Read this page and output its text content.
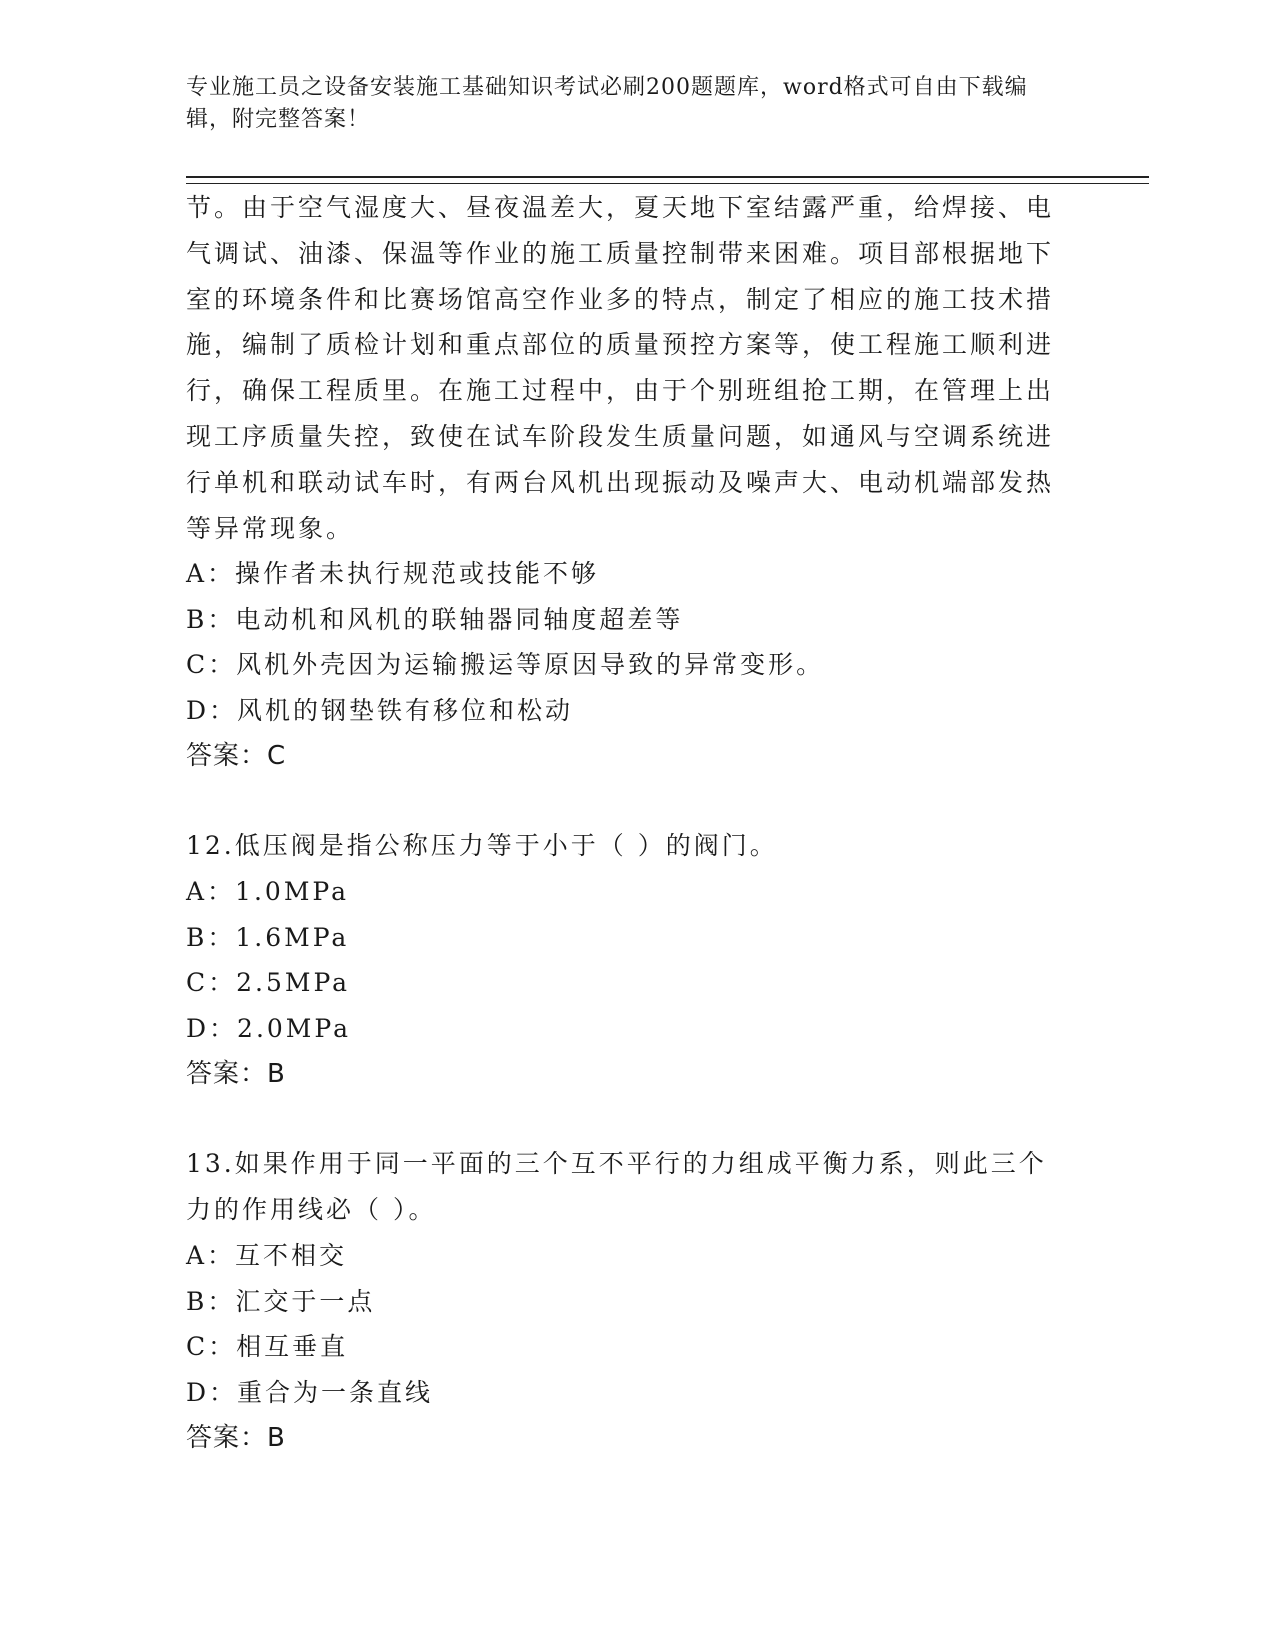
专业施工员之设备安装施工基础知识考试必刷200题题库，word格式可自由下载编辑，附完整答案！

节。由于空气湿度大、昼夜温差大，夏天地下室结露严重，给焊接、电气调试、油漆、保温等作业的施工质量控制带来困难。项目部根据地下室的环境条件和比赛场馆高空作业多的特点，制定了相应的施工技术措施，编制了质检计划和重点部位的质量预控方案等，使工程施工顺利进行，确保工程质里。在施工过程中，由于个别班组抢工期，在管理上出现工序质量失控，致使在试车阶段发生质量问题，如通风与空调系统进行单机和联动试车时，有两台风机出现振动及噪声大、电动机端部发热等异常现象。

A：操作者未执行规范或技能不够

B：电动机和风机的联轴器同轴度超差等

C：风机外壳因为运输搬运等原因导致的异常变形。

D：风机的钢垫铁有移位和松动

答案：C

12.低压阀是指公称压力等于小于（ ）的阀门。

A：1.0MPa

B：1.6MPa

C：2.5MPa

D：2.0MPa

答案：B

13.如果作用于同一平面的三个互不平行的力组成平衡力系，则此三个力的作用线必（ ）。

A：互不相交

B：汇交于一点

C：相互垂直

D：重合为一条直线

答案：B
